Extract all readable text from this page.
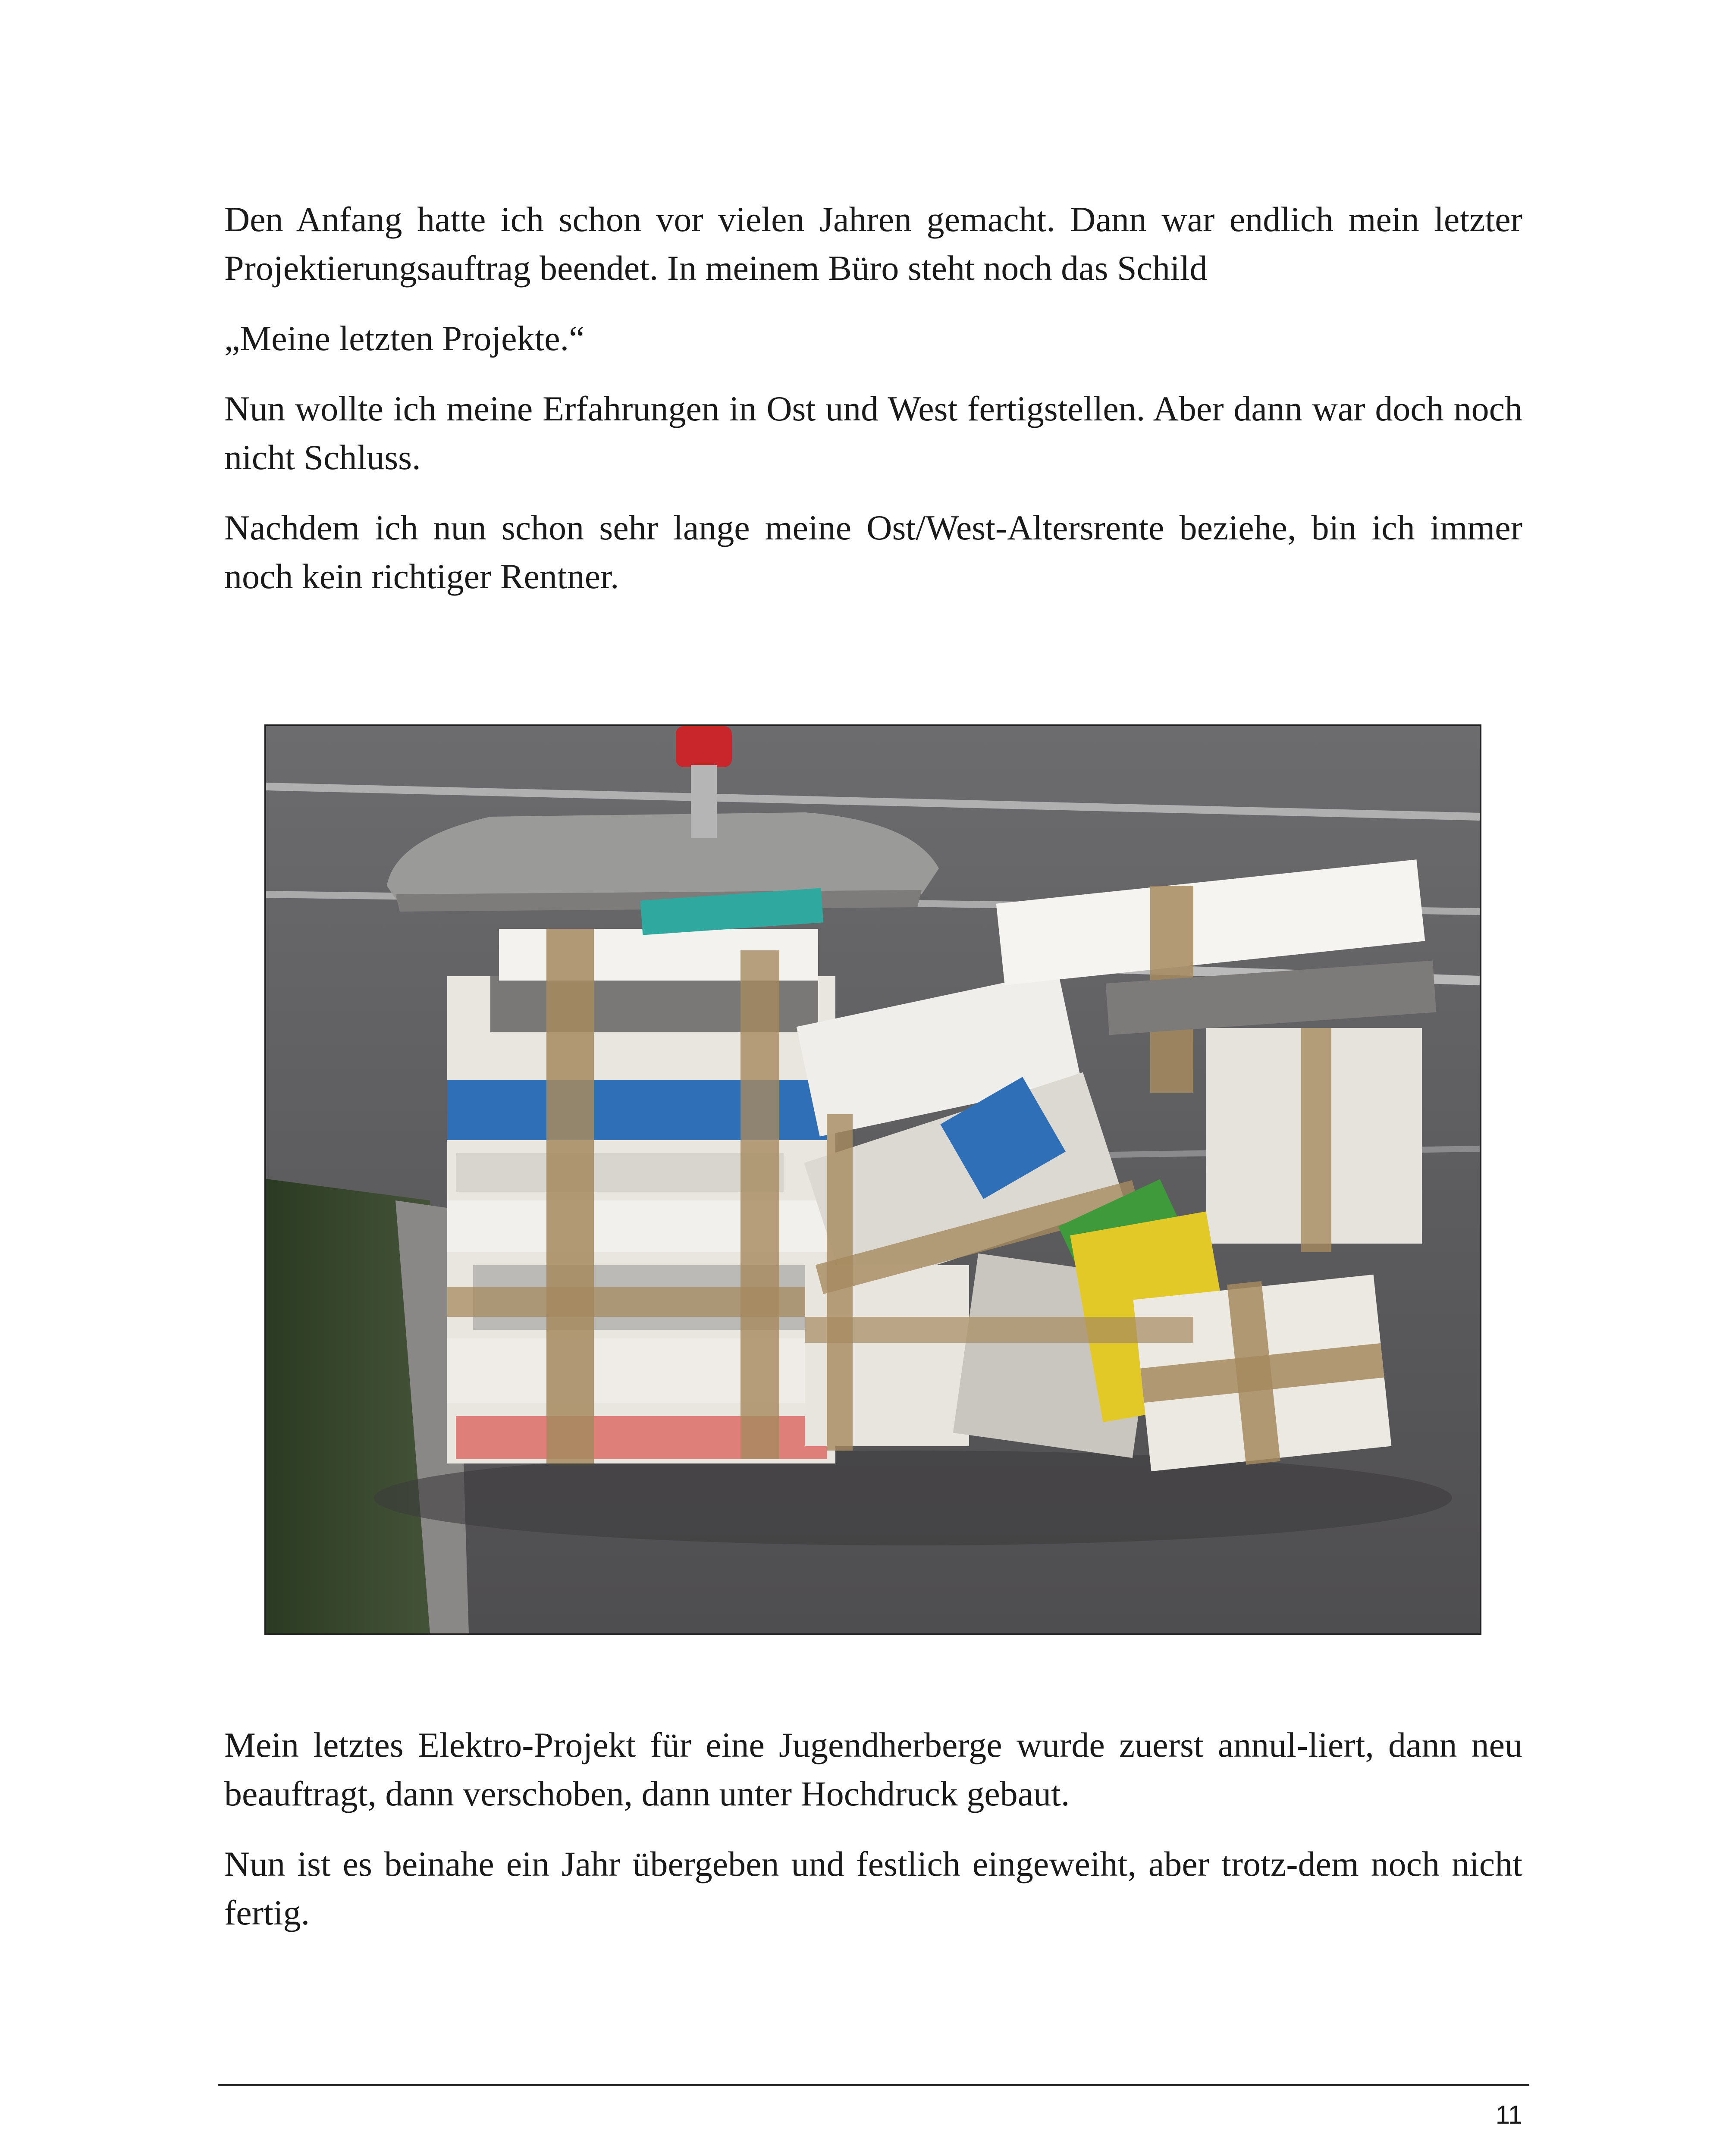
Den Anfang hatte ich schon vor vielen Jahren gemacht. Dann war endlich mein letzter Projektierungsauftrag beendet. In meinem Büro steht noch das Schild

„Meine letzten Projekte.“

Nun wollte ich meine Erfahrungen in Ost und West fertigstellen. Aber dann war doch noch nicht Schluss.

Nachdem ich nun schon sehr lange meine Ost/West-Altersrente beziehe, bin ich immer noch kein richtiger Rentner.

Mein letztes Elektro-Projekt für eine Jugendherberge wurde zuerst annul-liert, dann neu beauftragt, dann verschoben, dann unter Hochdruck gebaut.

Nun ist es beinahe ein Jahr übergeben und festlich eingeweiht, aber trotz-dem noch nicht fertig.

11
